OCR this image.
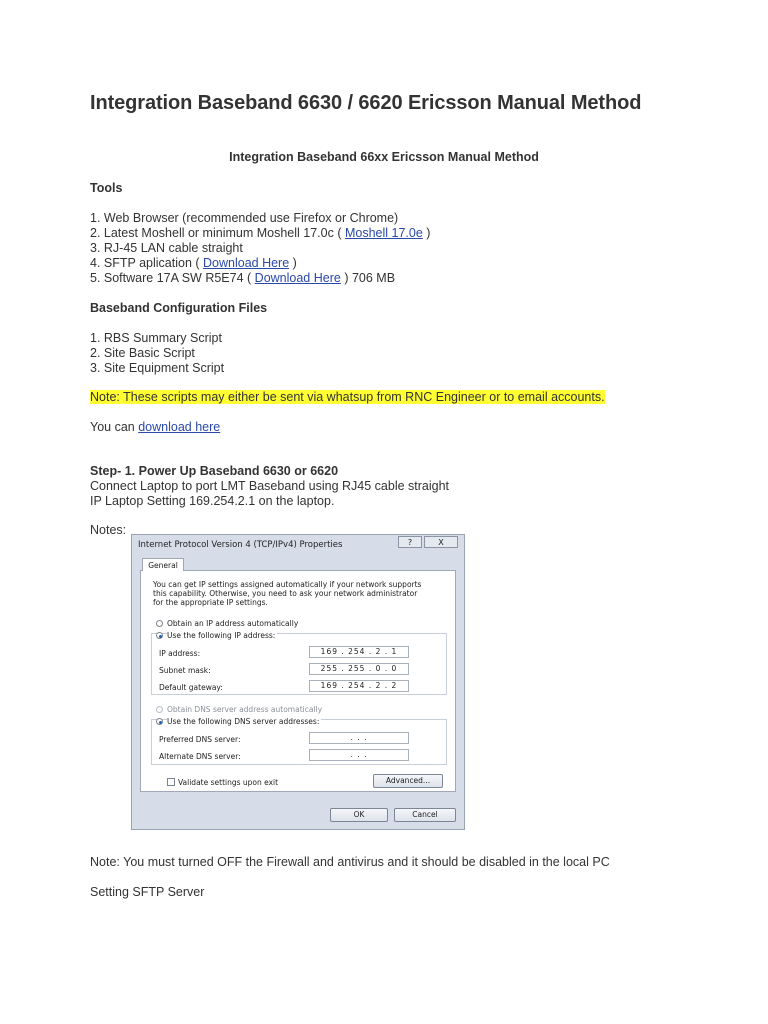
Integration Baseband 6630 / 6620 Ericsson Manual Method
Integration Baseband 66xx Ericsson Manual Method
Tools
1. Web Browser (recommended use Firefox or Chrome)
2. Latest Moshell or minimum Moshell 17.0c ( Moshell 17.0e )
3. RJ-45 LAN cable straight
4. SFTP aplication ( Download Here )
5. Software 17A SW R5E74 ( Download Here ) 706 MB
Baseband Configuration Files
1. RBS Summary Script
2. Site Basic Script
3. Site Equipment Script
Note: These scripts may either be sent via whatsup from RNC Engineer or to email accounts.
You can download here
Step- 1. Power Up Baseband 6630 or 6620
Connect Laptop to port LMT Baseband using RJ45 cable straight
IP Laptop Setting 169.254.2.1 on the laptop.
Notes:
Internet Protocol Version 4 (TCP/IPv4) Properties	?	X
General
You can get IP settings assigned automatically if your network supports
this capability. Otherwise, you need to ask your network administrator
for the appropriate IP settings.
Obtain an IP address automatically
Use the following IP address:
IP address:	169 . 254 . 2 . 1
Subnet mask:	255 . 255 . 0 . 0
Default gateway:	169 . 254 . 2 . 2
Obtain DNS server address automatically
Use the following DNS server addresses:
Preferred DNS server:	. . .
Alternate DNS server:	. . .
Validate settings upon exit	Advanced...
OK	Cancel
Note: You must turned OFF the Firewall and antivirus and it should be disabled in the local PC
Setting SFTP Server
